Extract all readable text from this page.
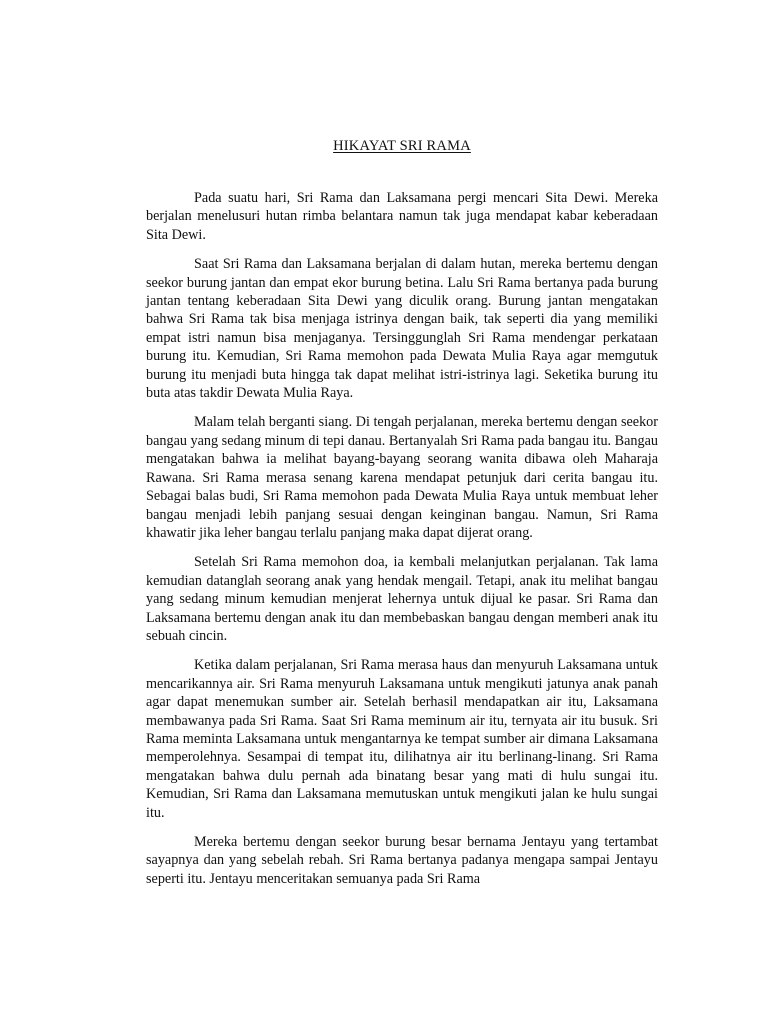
HIKAYAT SRI RAMA

Pada suatu hari, Sri Rama dan Laksamana pergi mencari Sita Dewi. Mereka berjalan menelusuri hutan rimba belantara namun tak juga mendapat kabar keberadaan Sita Dewi.

Saat Sri Rama dan Laksamana berjalan di dalam hutan, mereka bertemu dengan seekor burung jantan dan empat ekor burung betina. Lalu Sri Rama bertanya pada burung jantan tentang keberadaan Sita Dewi yang diculik orang. Burung jantan mengatakan bahwa Sri Rama tak bisa menjaga istrinya dengan baik, tak seperti dia yang memiliki empat istri namun bisa menjaganya. Tersinggunglah Sri Rama mendengar perkataan burung itu. Kemudian, Sri Rama memohon pada Dewata Mulia Raya agar memgutuk burung itu menjadi buta hingga tak dapat melihat istri-istrinya lagi. Seketika burung itu buta atas takdir Dewata Mulia Raya.

Malam telah berganti siang. Di tengah perjalanan, mereka bertemu dengan seekor bangau yang sedang minum di tepi danau. Bertanyalah Sri Rama pada bangau itu. Bangau mengatakan bahwa ia melihat bayang-bayang seorang wanita dibawa oleh Maharaja Rawana. Sri Rama merasa senang karena mendapat petunjuk dari cerita bangau itu. Sebagai balas budi, Sri Rama memohon pada Dewata Mulia Raya untuk membuat leher bangau menjadi lebih panjang sesuai dengan keinginan bangau. Namun, Sri Rama khawatir jika leher bangau terlalu panjang maka dapat dijerat orang.

Setelah Sri Rama memohon doa, ia kembali melanjutkan perjalanan. Tak lama kemudian datanglah seorang anak yang hendak mengail. Tetapi, anak itu melihat bangau yang sedang minum kemudian menjerat lehernya untuk dijual ke pasar. Sri Rama dan Laksamana bertemu dengan anak itu dan membebaskan bangau dengan memberi anak itu sebuah cincin.

Ketika dalam perjalanan, Sri Rama merasa haus dan menyuruh Laksamana untuk mencarikannya air. Sri Rama menyuruh Laksamana untuk mengikuti jatunya anak panah agar dapat menemukan sumber air. Setelah berhasil mendapatkan air itu, Laksamana membawanya pada Sri Rama. Saat Sri Rama meminum air itu, ternyata air itu busuk. Sri Rama meminta Laksamana untuk mengantarnya ke tempat sumber air dimana Laksamana memperolehnya. Sesampai di tempat itu, dilihatnya air itu berlinang-linang. Sri Rama mengatakan bahwa dulu pernah ada binatang besar yang mati di hulu sungai itu. Kemudian, Sri Rama dan Laksamana memutuskan untuk mengikuti jalan ke hulu sungai itu.

Mereka bertemu dengan seekor burung besar bernama Jentayu yang tertambat sayapnya dan yang sebelah rebah. Sri Rama bertanya padanya mengapa sampai Jentayu seperti itu. Jentayu menceritakan semuanya pada Sri Rama
